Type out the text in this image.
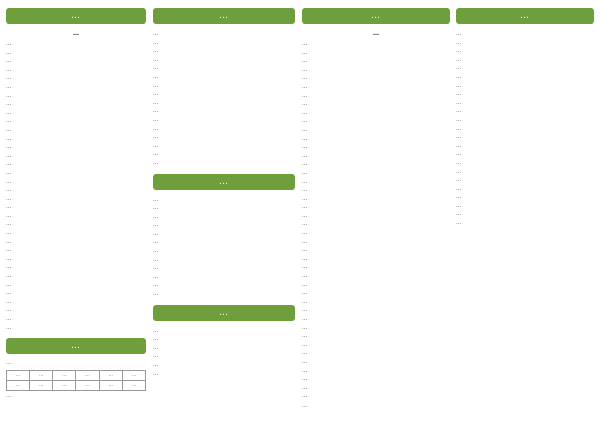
…
…
…
…
…
…
…
…
…
…
…
…
…
…
…
…
…
…
…
…
…
…
…
…
…
…
…
…
…
…
…
…
…
…
…
…
…
…
…	…	…	…	…	…
…	…	…	…	…	…
…
…
…
…
…
…
…
…
…
…
…
…
…
…
…
…
…
…
…
…
…
…
…
…
…
…
…
…
…
…
…
…
…
…
…
…
…
…
…
…
…
…
…
…
…
…
…
…
…
…
…
…
…
…
…
…
…
…
…
…
…
…
…
…
…
…
…
…
…
…
…
…
…
…
…
…
…
…
…
…
…
…
…
…
…
…
…
…
…
…
…
…
…
…
…
…
…
…
…
…
…
…
…
…
…
…
…
